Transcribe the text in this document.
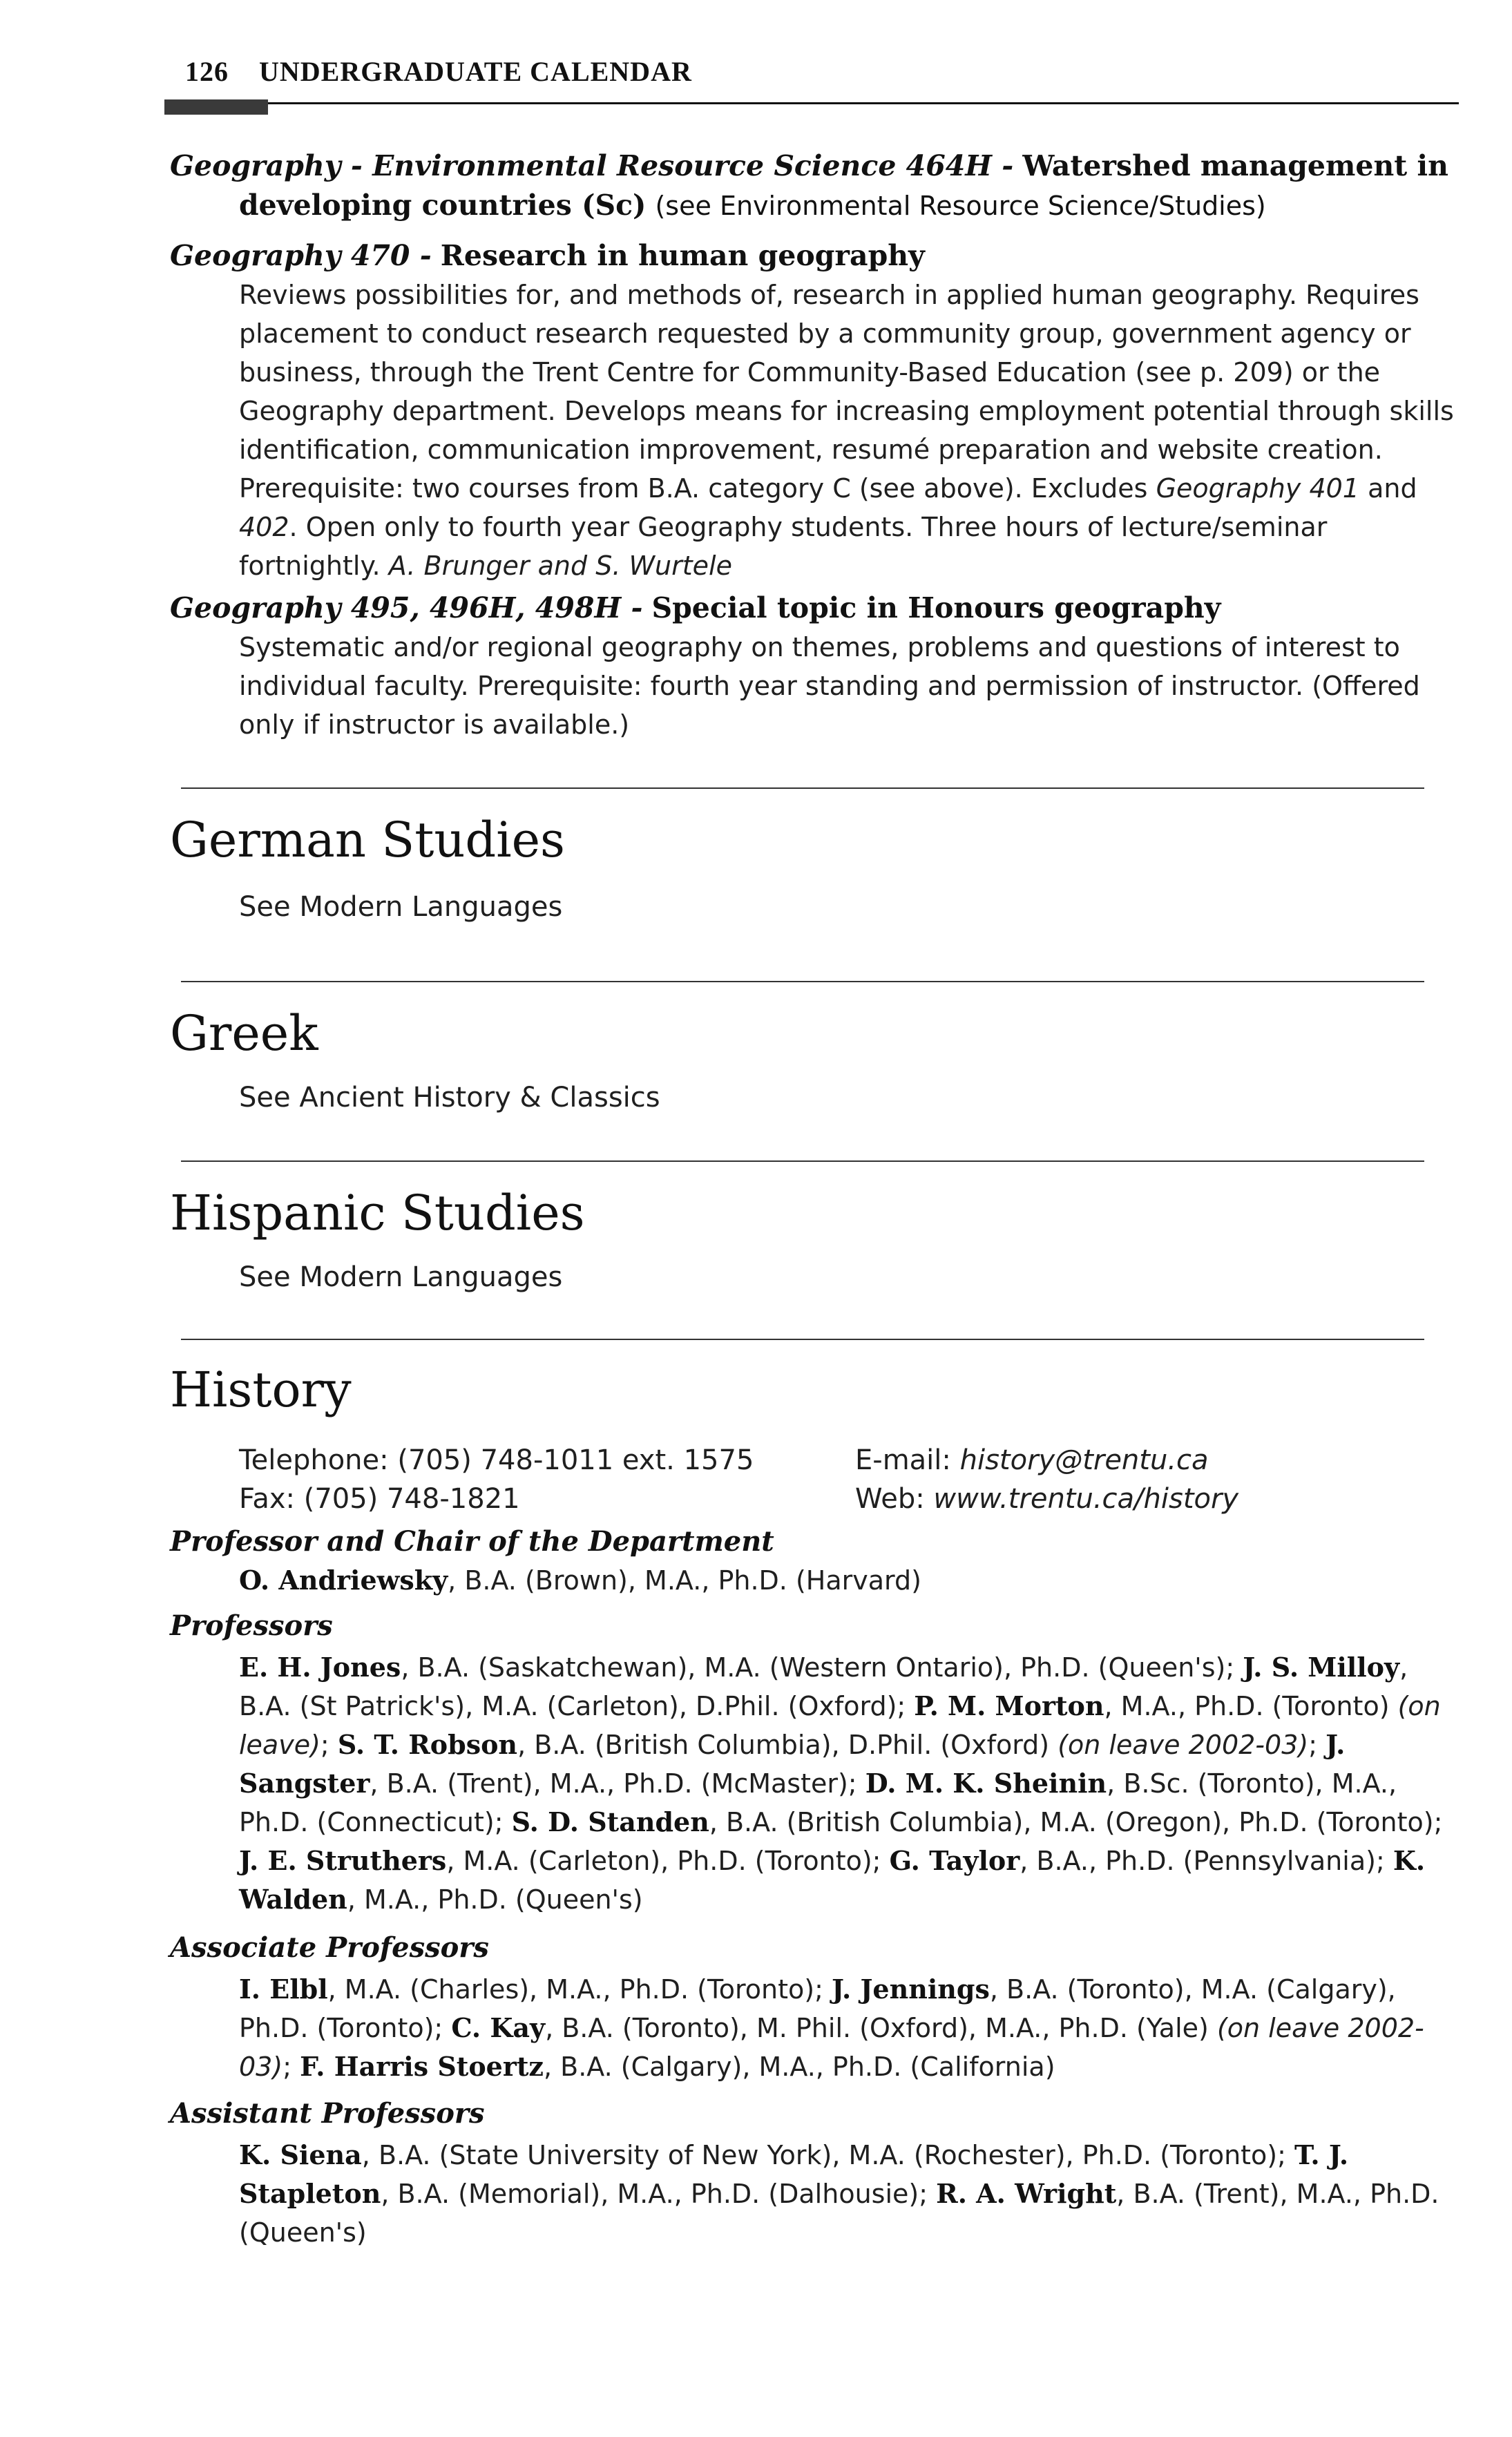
126 UNDERGRADUATE CALENDAR
Geography - Environmental Resource Science 464H - Watershed management in developing countries (Sc) (see Environmental Resource Science/Studies)
Geography 470 - Research in human geography
Reviews possibilities for, and methods of, research in applied human geography. Requires placement to conduct research requested by a community group, government agency or business, through the Trent Centre for Community-Based Education (see p. 209) or the Geography department. Develops means for increasing employment potential through skills identification, communication improvement, resumé preparation and website creation. Prerequisite: two courses from B.A. category C (see above). Excludes Geography 401 and 402. Open only to fourth year Geography students. Three hours of lecture/seminar fortnightly. A. Brunger and S. Wurtele
Geography 495, 496H, 498H - Special topic in Honours geography
Systematic and/or regional geography on themes, problems and questions of interest to individual faculty. Prerequisite: fourth year standing and permission of instructor. (Offered only if instructor is available.)
German Studies
See Modern Languages
Greek
See Ancient History & Classics
Hispanic Studies
See Modern Languages
History
Telephone: (705) 748-1011 ext. 1575
Fax: (705) 748-1821
E-mail: history@trentu.ca
Web: www.trentu.ca/history
Professor and Chair of the Department
O. Andriewsky, B.A. (Brown), M.A., Ph.D. (Harvard)
Professors
E. H. Jones, B.A. (Saskatchewan), M.A. (Western Ontario), Ph.D. (Queen's); J. S. Milloy, B.A. (St Patrick's), M.A. (Carleton), D.Phil. (Oxford); P. M. Morton, M.A., Ph.D. (Toronto) (on leave); S. T. Robson, B.A. (British Columbia), D.Phil. (Oxford) (on leave 2002-03); J. Sangster, B.A. (Trent), M.A., Ph.D. (McMaster); D. M. K. Sheinin, B.Sc. (Toronto), M.A., Ph.D. (Connecticut); S. D. Standen, B.A. (British Columbia), M.A. (Oregon), Ph.D. (Toronto); J. E. Struthers, M.A. (Carleton), Ph.D. (Toronto); G. Taylor, B.A., Ph.D. (Pennsylvania); K. Walden, M.A., Ph.D. (Queen's)
Associate Professors
I. Elbl, M.A. (Charles), M.A., Ph.D. (Toronto); J. Jennings, B.A. (Toronto), M.A. (Calgary), Ph.D. (Toronto); C. Kay, B.A. (Toronto), M. Phil. (Oxford), M.A., Ph.D. (Yale) (on leave 2002-03); F. Harris Stoertz, B.A. (Calgary), M.A., Ph.D. (California)
Assistant Professors
K. Siena, B.A. (State University of New York), M.A. (Rochester), Ph.D. (Toronto); T. J. Stapleton, B.A. (Memorial), M.A., Ph.D. (Dalhousie); R. A. Wright, B.A. (Trent), M.A., Ph.D. (Queen's)
